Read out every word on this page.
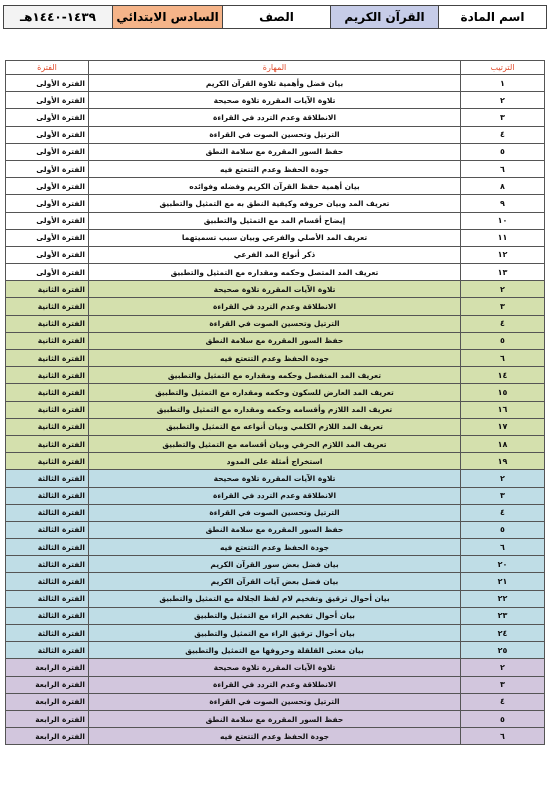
اسم المادة	القرآن الكريم	الصف	السادس الابتدائي	١٤٣٩-١٤٤٠هـ
الترتيب	المهارة	الفترة
١	بيان فضل وأهمية تلاوة القرآن الكريم	الفترة الأولى
٢	تلاوة الآيات المقررة تلاوة صحيحة	الفترة الأولى
٣	الانطلاقة وعدم التردد في القراءة	الفترة الأولى
٤	الترتيل وتحسين الصوت في القراءة	الفترة الأولى
٥	حفظ السور المقررة مع سلامة النطق	الفترة الأولى
٦	جودة الحفظ وعدم التتعتع فيه	الفترة الأولى
٨	بيان أهمية حفظ القرآن الكريم وفضله وفوائده	الفترة الأولى
٩	تعريف المد وبيان حروفه وكيفية النطق به مع التمثيل والتطبيق	الفترة الأولى
١٠	إيضاح أقسام المد مع التمثيل والتطبيق	الفترة الأولى
١١	تعريف المد الأصلي والفرعي وبيان سبب تسميتهما	الفترة الأولى
١٢	ذكر أنواع المد الفرعي	الفترة الأولى
١٣	تعريف المد المتصل وحكمه ومقداره مع التمثيل والتطبيق	الفترة الأولى
٢	تلاوة الآيات المقررة تلاوة صحيحة	الفترة الثانية
٣	الانطلاقة وعدم التردد في القراءة	الفترة الثانية
٤	الترتيل وتحسين الصوت في القراءة	الفترة الثانية
٥	حفظ السور المقررة مع سلامة النطق	الفترة الثانية
٦	جودة الحفظ وعدم التتعتع فيه	الفترة الثانية
١٤	تعريف المد المنفصل وحكمه ومقداره مع التمثيل والتطبيق	الفترة الثانية
١٥	تعريف المد العارض للسكون وحكمه ومقداره مع التمثيل والتطبيق	الفترة الثانية
١٦	تعريف المد اللازم وأقسامه وحكمه ومقداره مع التمثيل والتطبيق	الفترة الثانية
١٧	تعريف المد اللازم الكلمي وبيان أنواعه مع التمثيل والتطبيق	الفترة الثانية
١٨	تعريف المد اللازم الحرفي وبيان أقسامه مع التمثيل والتطبيق	الفترة الثانية
١٩	استخراج أمثلة على المدود	الفترة الثانية
٢	تلاوة الآيات المقررة تلاوة صحيحة	الفترة الثالثة
٣	الانطلاقة وعدم التردد في القراءة	الفترة الثالثة
٤	الترتيل وتحسين الصوت في القراءة	الفترة الثالثة
٥	حفظ السور المقررة مع سلامة النطق	الفترة الثالثة
٦	جودة الحفظ وعدم التتعتع فيه	الفترة الثالثة
٢٠	بيان فضل بعض سور القرآن الكريم	الفترة الثالثة
٢١	بيان فضل بعض آيات القرآن الكريم	الفترة الثالثة
٢٢	بيان أحوال ترقيق وتفخيم لام لفظ الجلالة مع التمثيل والتطبيق	الفترة الثالثة
٢٣	بيان أحوال تفخيم الراء مع التمثيل والتطبيق	الفترة الثالثة
٢٤	بيان أحوال ترقيق الراء مع التمثيل والتطبيق	الفترة الثالثة
٢٥	بيان معنى القلقلة وحروفها مع التمثيل والتطبيق	الفترة الثالثة
٢	تلاوة الآيات المقررة تلاوة صحيحة	الفترة الرابعة
٣	الانطلاقة وعدم التردد في القراءة	الفترة الرابعة
٤	الترتيل وتحسين الصوت في القراءة	الفترة الرابعة
٥	حفظ السور المقررة مع سلامة النطق	الفترة الرابعة
٦	جودة الحفظ وعدم التتعتع فيه	الفترة الرابعة
